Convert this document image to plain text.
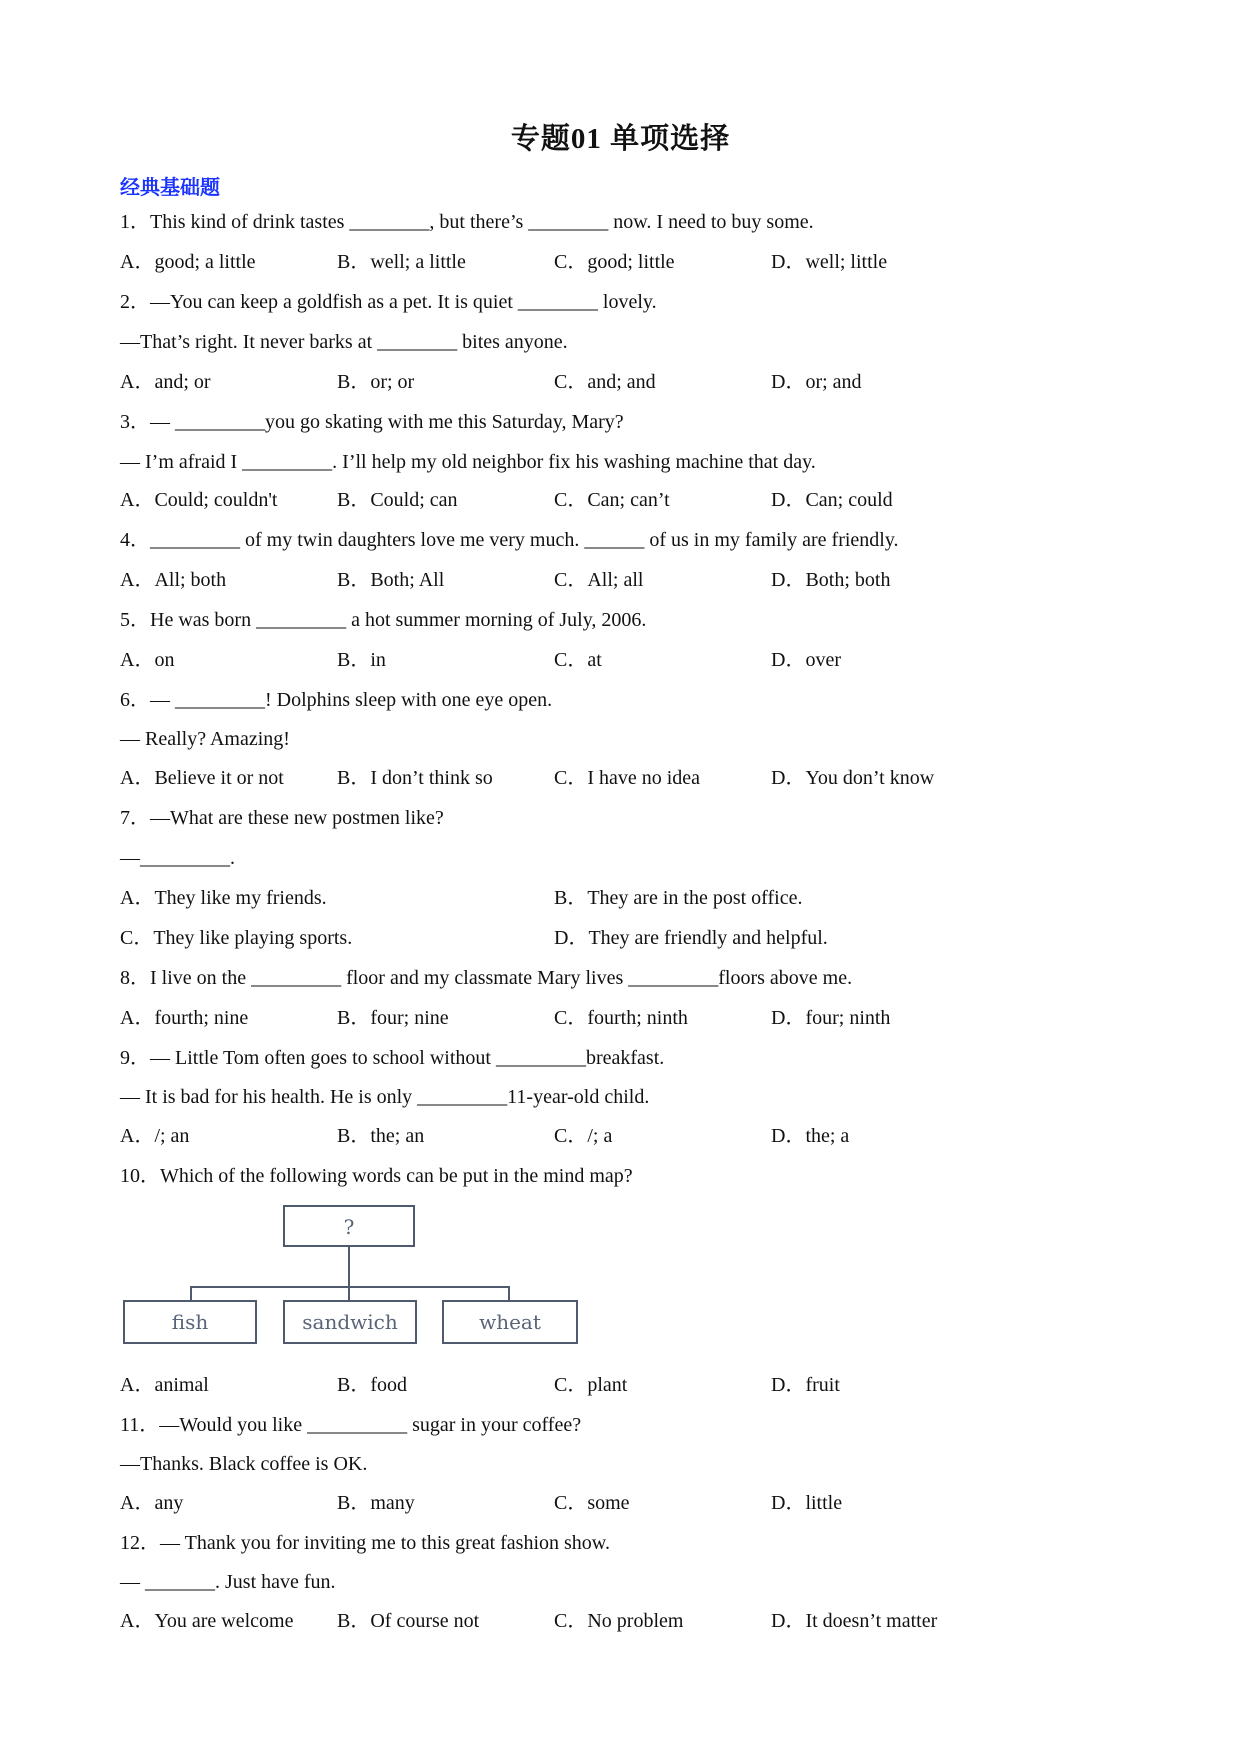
专题01 单项选择
经典基础题
1．This kind of drink tastes ________, but there’s ________ now. I need to buy some.
A．good; a little	B．well; a little	C．good; little	D．well; little
2．—You can keep a goldfish as a pet. It is quiet ________ lovely.
—That’s right. It never barks at ________ bites anyone.
A．and; or	B．or; or	C．and; and	D．or; and
3．— _________you go skating with me this Saturday, Mary?
— I’m afraid I _________. I’ll help my old neighbor fix his washing machine that day.
A．Could; couldn't	B．Could; can	C．Can; can’t	D．Can; could
4．_________ of my twin daughters love me very much. ______ of us in my family are friendly.
A．All; both	B．Both; All	C．All; all	D．Both; both
5．He was born _________ a hot summer morning of July, 2006.
A．on	B．in	C．at	D．over
6．— _________! Dolphins sleep with one eye open.
— Really? Amazing!
A．Believe it or not	B．I don’t think so	C．I have no idea	D．You don’t know
7．—What are these new postmen like?
—_________.
A．They like my friends.	B．They are in the post office.
C．They like playing sports.	D．They are friendly and helpful.
8．I live on the _________ floor and my classmate Mary lives _________floors above me.
A．fourth; nine	B．four; nine	C．fourth; ninth	D．four; ninth
9．— Little Tom often goes to school without _________breakfast.
— It is bad for his health. He is only _________11-year-old child.
A．/; an	B．the; an	C．/; a	D．the; a
10．Which of the following words can be put in the mind map?
?
fish	sandwich	wheat
A．animal	B．food	C．plant	D．fruit
11．—Would you like __________ sugar in your coffee?
—Thanks. Black coffee is OK.
A．any	B．many	C．some	D．little
12．— Thank you for inviting me to this great fashion show.
— _______. Just have fun.
A．You are welcome B．Of course not	C．No problem	D．It doesn’t matter
